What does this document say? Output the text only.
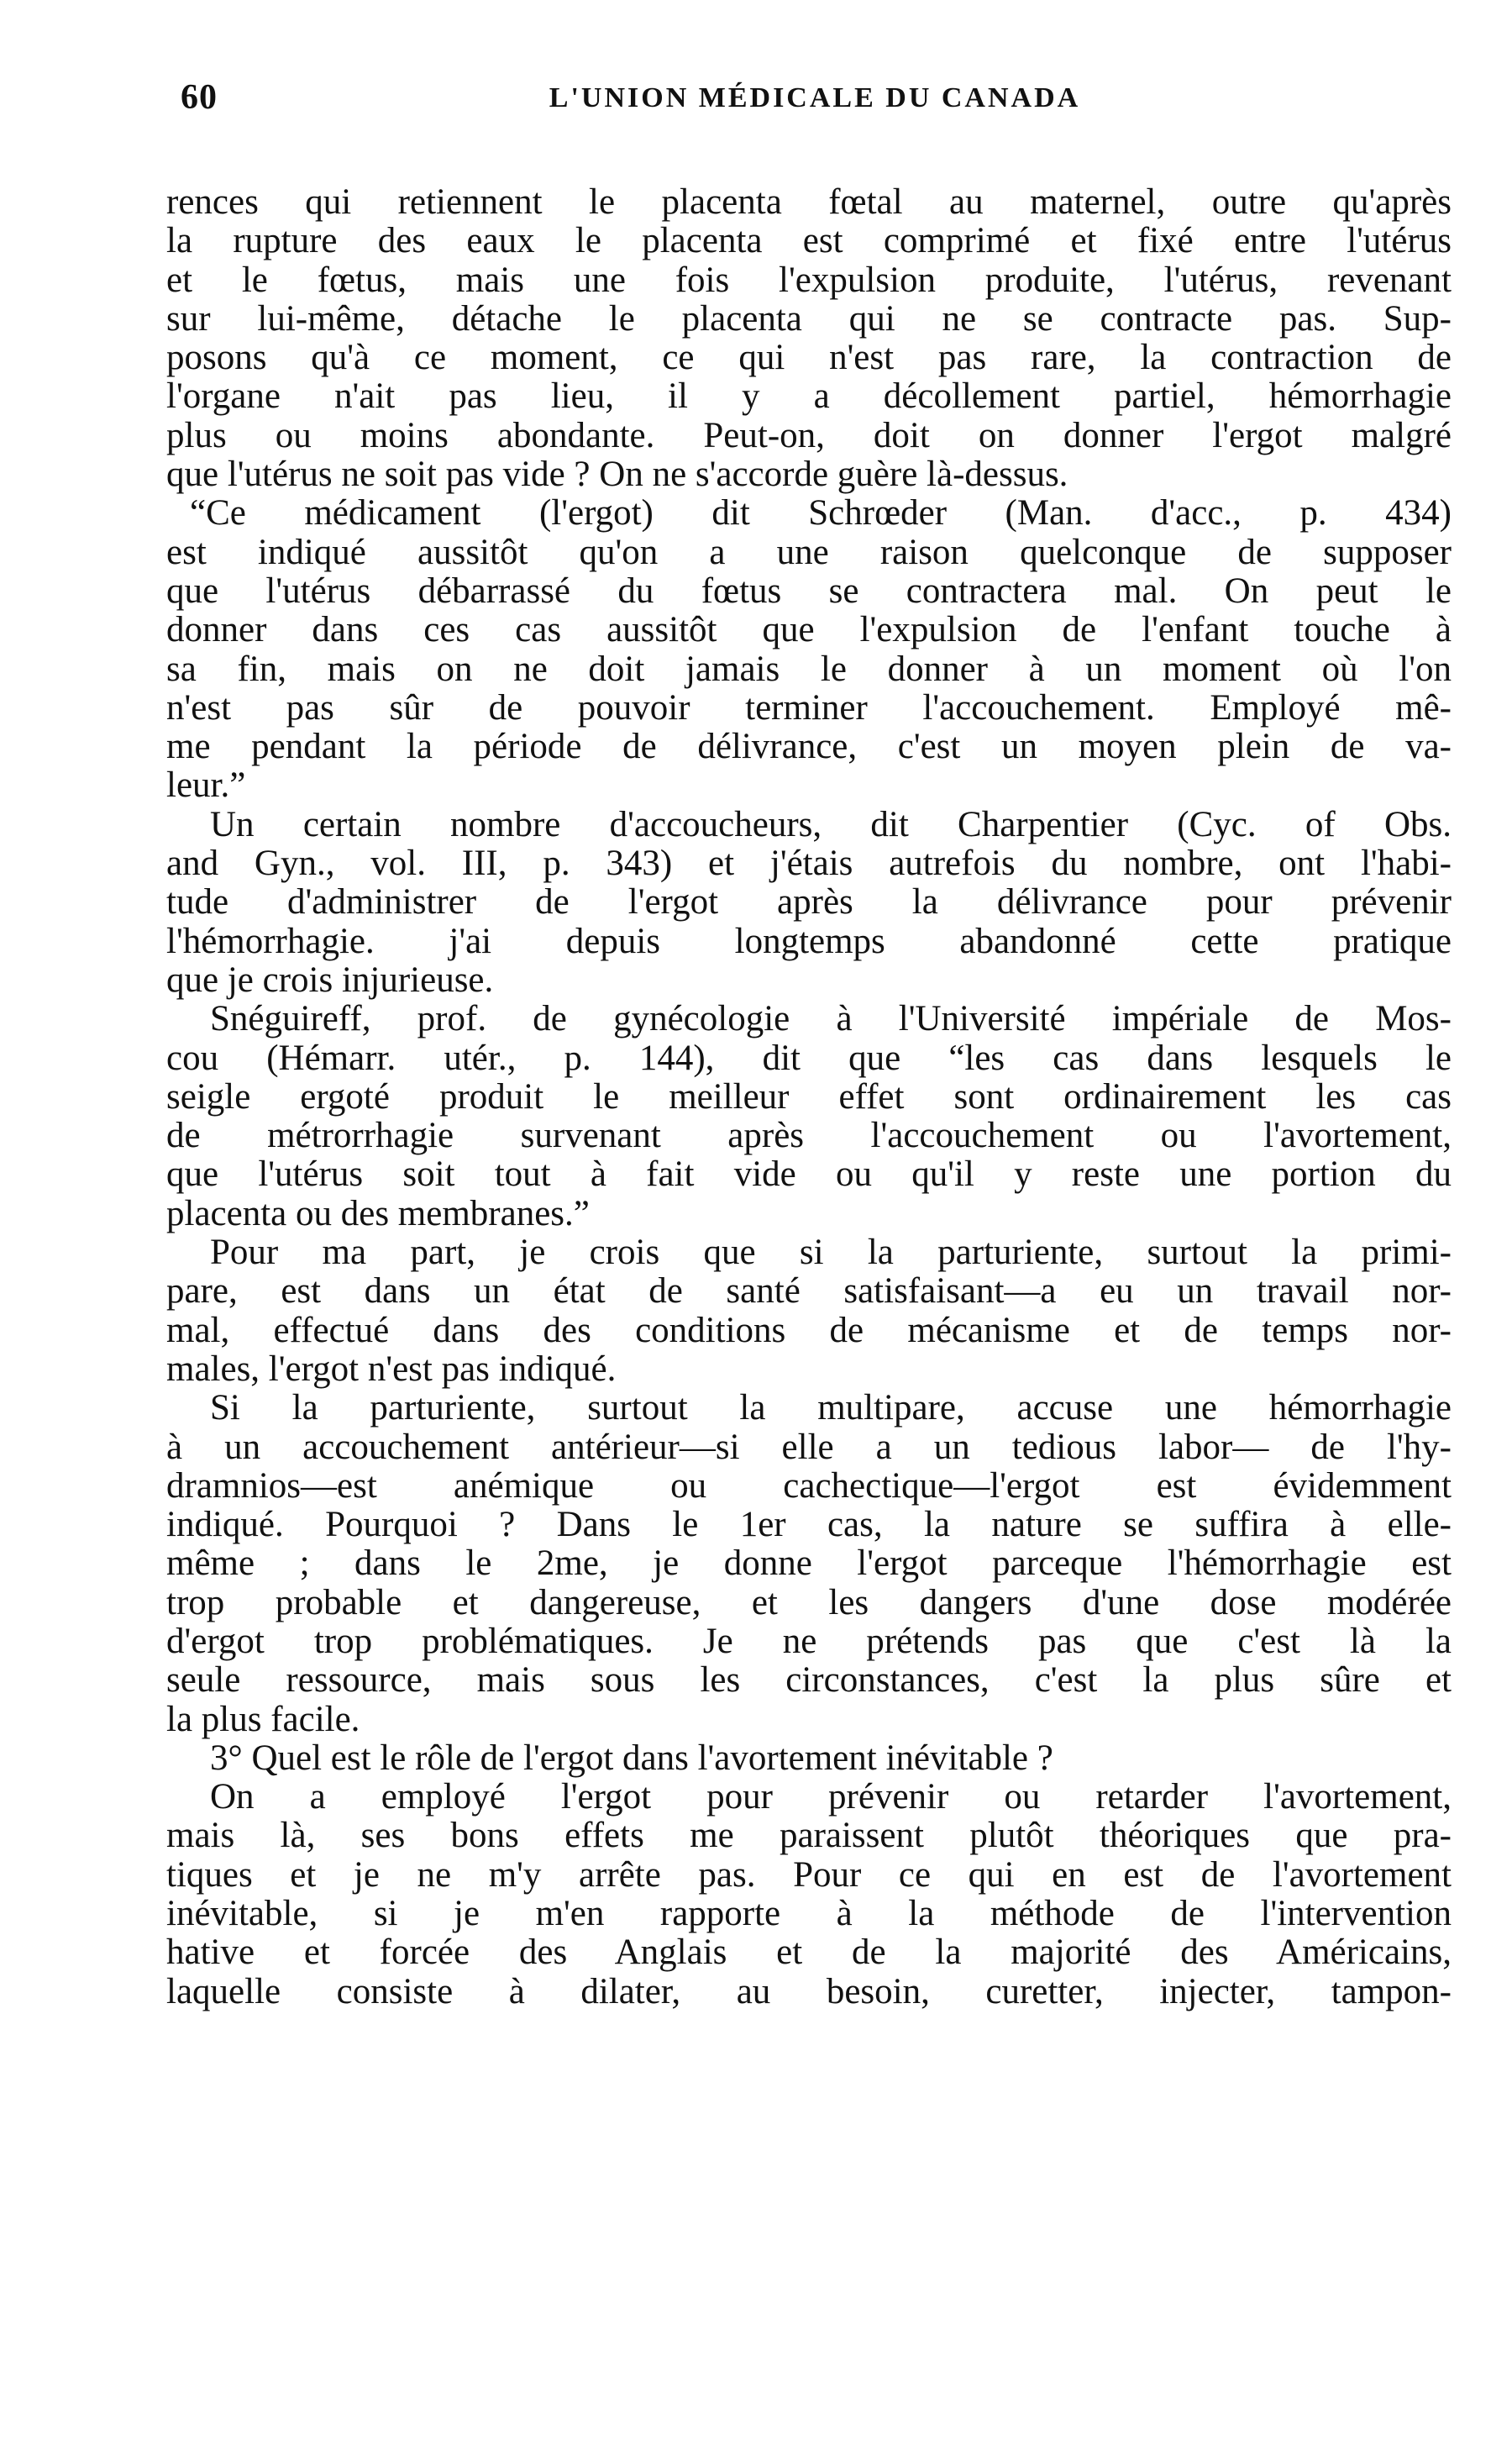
60	L'UNION MÉDICALE DU CANADA
rences qui retiennent le placenta fœtal au maternel, outre qu'après
la rupture des eaux le placenta est comprimé et fixé entre l'utérus
et le fœtus, mais une fois l'expulsion produite, l'utérus, revenant
sur lui-même, détache le placenta qui ne se contracte pas. Sup-
posons qu'à ce moment, ce qui n'est pas rare, la contraction de
l'organe n'ait pas lieu, il y a décollement partiel, hémorrhagie
plus ou moins abondante. Peut-on, doit on donner l'ergot malgré
que l'utérus ne soit pas vide ? On ne s'accorde guère là-dessus.
“Ce médicament (l'ergot) dit Schrœder (Man. d'acc., p. 434)
est indiqué aussitôt qu'on a une raison quelconque de supposer
que l'utérus débarrassé du fœtus se contractera mal. On peut le
donner dans ces cas aussitôt que l'expulsion de l'enfant touche à
sa fin, mais on ne doit jamais le donner à un moment où l'on
n'est pas sûr de pouvoir terminer l'accouchement. Employé mê-
me pendant la période de délivrance, c'est un moyen plein de va-
leur.”
Un certain nombre d'accoucheurs, dit Charpentier (Cyc. of Obs.
and Gyn., vol. III, p. 343) et j'étais autrefois du nombre, ont l'habi-
tude d'administrer de l'ergot après la délivrance pour prévenir
l'hémorrhagie. j'ai depuis longtemps abandonné cette pratique
que je crois injurieuse.
Snéguireff, prof. de gynécologie à l'Université impériale de Mos-
cou (Hémarr. utér., p. 144), dit que “les cas dans lesquels le
seigle ergoté produit le meilleur effet sont ordinairement les cas
de métrorrhagie survenant après l'accouchement ou l'avortement,
que l'utérus soit tout à fait vide ou qu'il y reste une portion du
placenta ou des membranes.”
Pour ma part, je crois que si la parturiente, surtout la primi-
pare, est dans un état de santé satisfaisant—a eu un travail nor-
mal, effectué dans des conditions de mécanisme et de temps nor-
males, l'ergot n'est pas indiqué.
Si la parturiente, surtout la multipare, accuse une hémorrhagie
à un accouchement antérieur—si elle a un tedious labor— de l'hy-
dramnios—est anémique ou cachectique—l'ergot est évidemment
indiqué. Pourquoi ? Dans le 1er cas, la nature se suffira à elle-
même ; dans le 2me, je donne l'ergot parceque l'hémorrhagie est
trop probable et dangereuse, et les dangers d'une dose modérée
d'ergot trop problématiques. Je ne prétends pas que c'est là la
seule ressource, mais sous les circonstances, c'est la plus sûre et
la plus facile.
3° Quel est le rôle de l'ergot dans l'avortement inévitable ?
On a employé l'ergot pour prévenir ou retarder l'avortement,
mais là, ses bons effets me paraissent plutôt théoriques que pra-
tiques et je ne m'y arrête pas. Pour ce qui en est de l'avortement
inévitable, si je m'en rapporte à la méthode de l'intervention
hative et forcée des Anglais et de la majorité des Américains,
laquelle consiste à dilater, au besoin, curetter, injecter, tampon-
